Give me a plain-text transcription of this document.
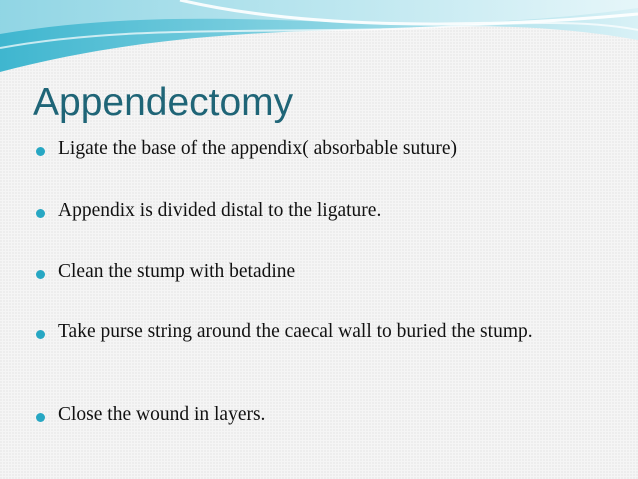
Appendectomy
Ligate the base of the appendix( absorbable suture)
Appendix is divided distal to the ligature.
Clean the stump with betadine
Take purse string around the caecal wall to buried the stump.
Close the wound in layers.
